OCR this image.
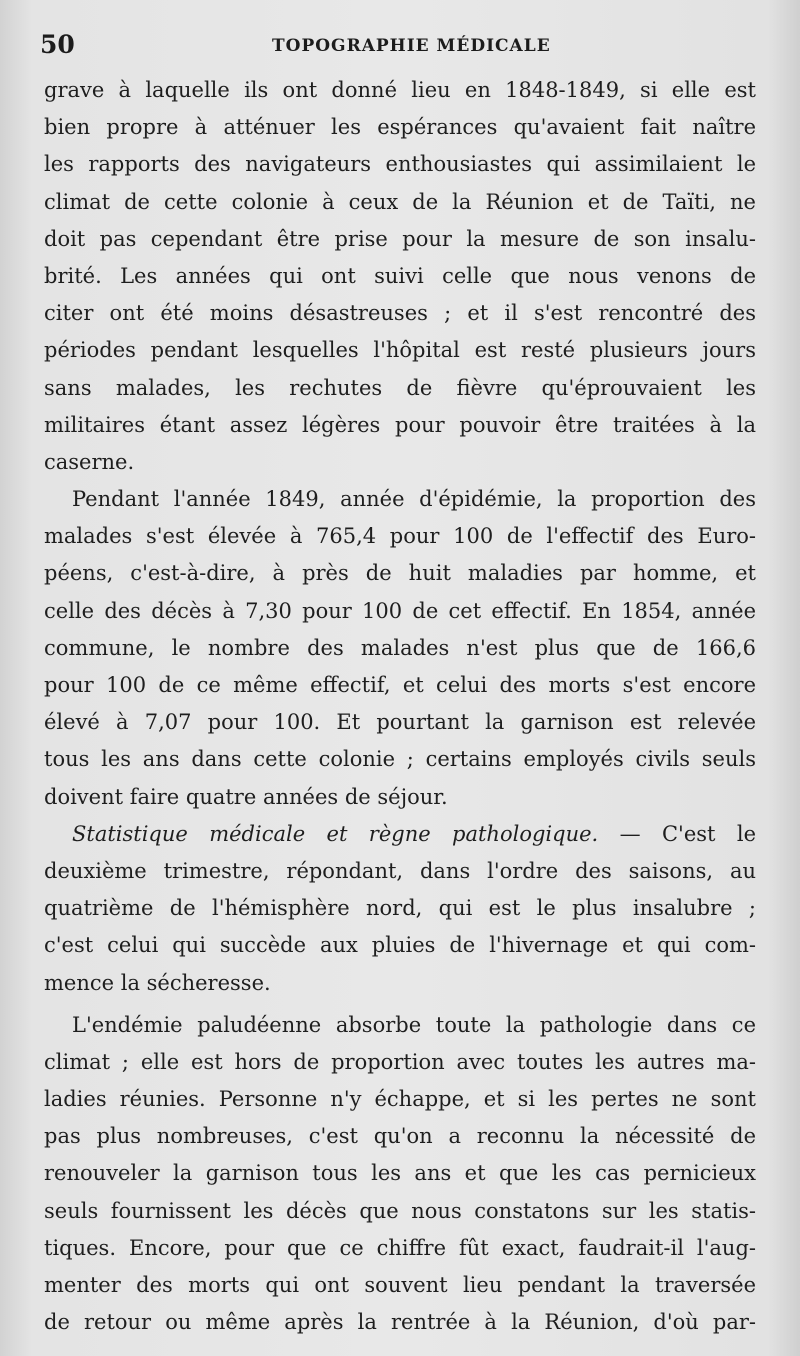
50	TOPOGRAPHIE MÉDICALE
grave à laquelle ils ont donné lieu en 1848-1849, si elle est
bien propre à atténuer les espérances qu'avaient fait naître
les rapports des navigateurs enthousiastes qui assimilaient le
climat de cette colonie à ceux de la Réunion et de Taïti, ne
doit pas cependant être prise pour la mesure de son insalu-
brité. Les années qui ont suivi celle que nous venons de
citer ont été moins désastreuses ; et il s'est rencontré des
périodes pendant lesquelles l'hôpital est resté plusieurs jours
sans malades, les rechutes de fièvre qu'éprouvaient les
militaires étant assez légères pour pouvoir être traitées à la
caserne.
Pendant l'année 1849, année d'épidémie, la proportion des
malades s'est élevée à 765,4 pour 100 de l'effectif des Euro-
péens, c'est-à-dire, à près de huit maladies par homme, et
celle des décès à 7,30 pour 100 de cet effectif. En 1854, année
commune, le nombre des malades n'est plus que de 166,6
pour 100 de ce même effectif, et celui des morts s'est encore
élevé à 7,07 pour 100. Et pourtant la garnison est relevée
tous les ans dans cette colonie ; certains employés civils seuls
doivent faire quatre années de séjour.
Statistique médicale et règne pathologique. — C'est le
deuxième trimestre, répondant, dans l'ordre des saisons, au
quatrième de l'hémisphère nord, qui est le plus insalubre ;
c'est celui qui succède aux pluies de l'hivernage et qui com-
mence la sécheresse.
L'endémie paludéenne absorbe toute la pathologie dans ce
climat ; elle est hors de proportion avec toutes les autres ma-
ladies réunies. Personne n'y échappe, et si les pertes ne sont
pas plus nombreuses, c'est qu'on a reconnu la nécessité de
renouveler la garnison tous les ans et que les cas pernicieux
seuls fournissent les décès que nous constatons sur les statis-
tiques. Encore, pour que ce chiffre fût exact, faudrait-il l'aug-
menter des morts qui ont souvent lieu pendant la traversée
de retour ou même après la rentrée à la Réunion, d'où par-
